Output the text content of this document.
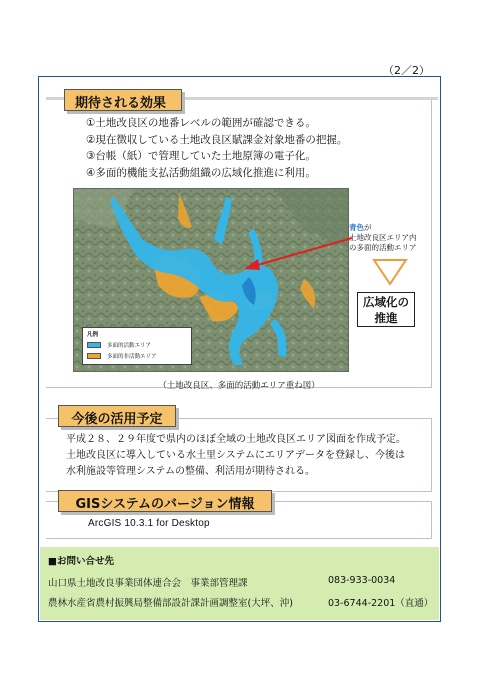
（2／2）
期待される効果
①土地改良区の地番レベルの範囲が確認できる。
②現在徴収している土地改良区賦課金対象地番の把握。
③台帳（紙）で管理していた土地原簿の電子化。
④多面的機能支払活動組織の広域化推進に利用。
凡例
多面的活動エリア
多面的非活動エリア
青色が
土地改良区エリア内
の多面的活動エリア
広域化の
推進
（土地改良区、多面的活動エリア重ね図）
今後の活用予定
平成２８、２９年度で県内のほぼ全域の土地改良区エリア図面を作成予定。
土地改良区に導入している水土里システムにエリアデータを登録し、今後は
水利施設等管理システムの整備、利活用が期待される。
GISシステムのバージョン情報
ArcGIS 10.3.1 for Desktop
■お問い合せ先
山口県土地改良事業団体連合会　事業部管理課	083-933-0034
農林水産省農村振興局整備部設計課計画調整室(大坪、沖)	03-6744-2201（直通）
